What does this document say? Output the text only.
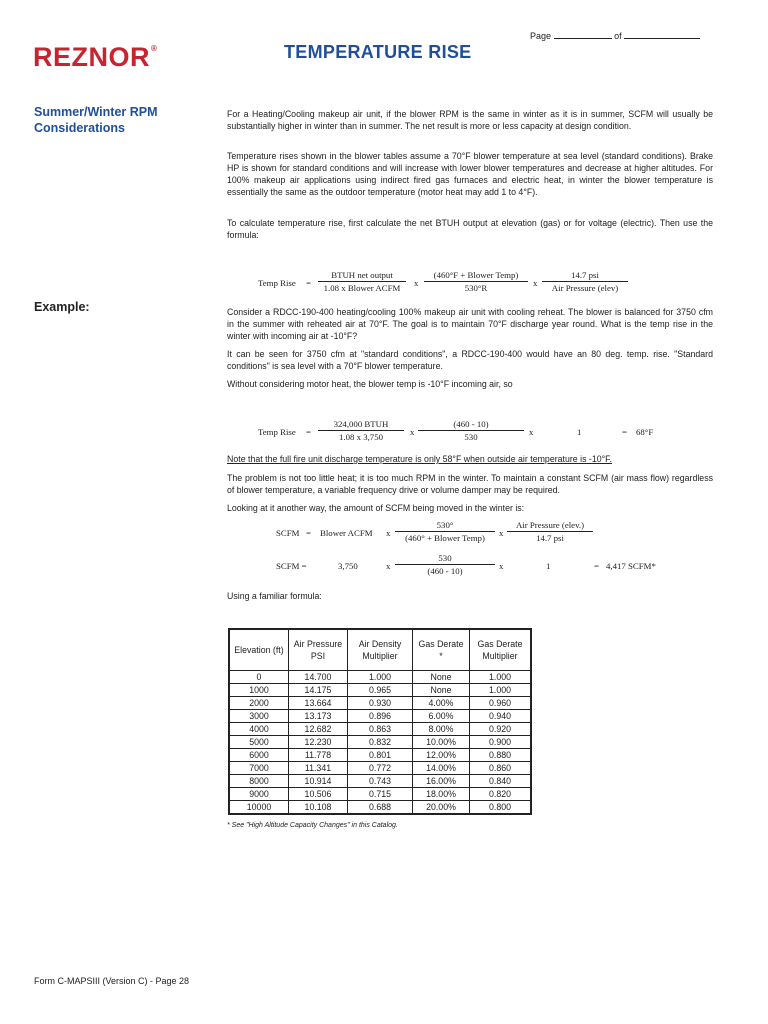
REZNOR®	TEMPERATURE RISE
Page	of
Summer/Winter RPM Considerations
Example:
For a Heating/Cooling makeup air unit, if the blower RPM is the same in winter as it is in summer, SCFM will usually be substantially higher in winter than in summer. The net result is more or less capacity at design condition.
Temperature rises shown in the blower tables assume a 70°F blower temperature at sea level (standard conditions). Brake HP is shown for standard conditions and will increase with lower blower temperatures and decrease at higher altitudes. For 100% makeup air applications using indirect fired gas furnaces and electric heat, in winter the blower temperature is essentially the same as the outdoor temperature (motor heat may add 1 to 4°F).
To calculate temperature rise, first calculate the net BTUH output at elevation (gas) or for voltage (electric). Then use the formula:
Temp Rise =
BTUH net output
1.08 x Blower ACFM	x
(460°F + Blower Temp)
530°R	x
14.7 psi
Air Pressure (elev)
Consider a RDCC-190-400 heating/cooling 100% makeup air unit with cooling reheat. The blower is balanced for 3750 cfm in the summer with reheated air at 70°F. The goal is to maintain 70°F discharge year round. What is the temp rise in the winter with incoming air at -10°F?
It can be seen for 3750 cfm at "standard conditions", a RDCC-190-400 would have an 80 deg. temp. rise. "Standard conditions" is sea level with a 70°F blower temperature.
Without considering motor heat, the blower temp is -10°F incoming air, so
Temp Rise =
324,000 BTUH
1.08 x 3,750	x
(460 - 10)
530	x	1	= 68°F
Note that the full fire unit discharge temperature is only 58°F when outside air temperature is -10°F.
The problem is not too little heat; it is too much RPM in the winter. To maintain a constant SCFM (air mass flow) regardless of blower temperature, a variable frequency drive or volume damper may be required.
Looking at it another way, the amount of SCFM being moved in the winter is:
SCFM = Blower ACFM x
530°
(460° + Blower Temp)	x
Air Pressure (elev.)
14.7 psi
SCFM =	3,750	x
530
(460 - 10)	x	1	= 4,417 SCFM*
Using a familiar formula:
Elevation (ft)	Air Pressure PSI	Air Density Multiplier	Gas Derate *	Gas Derate Multiplier
0	14.700	1.000	None	1.000
1000	14.175	0.965	None	1.000
2000	13.664	0.930	4.00%	0.960
3000	13.173	0.896	6.00%	0.940
4000	12.682	0.863	8.00%	0.920
5000	12.230	0.832	10.00%	0.900
6000	11.778	0.801	12.00%	0.880
7000	11.341	0.772	14.00%	0.860
8000	10.914	0.743	16.00%	0.840
9000	10.506	0.715	18.00%	0.820
10000	10.108	0.688	20.00%	0.800
* See "High Altitude Capacity Changes" in this Catalog.
Form C-MAPSIII (Version C) - Page 28
